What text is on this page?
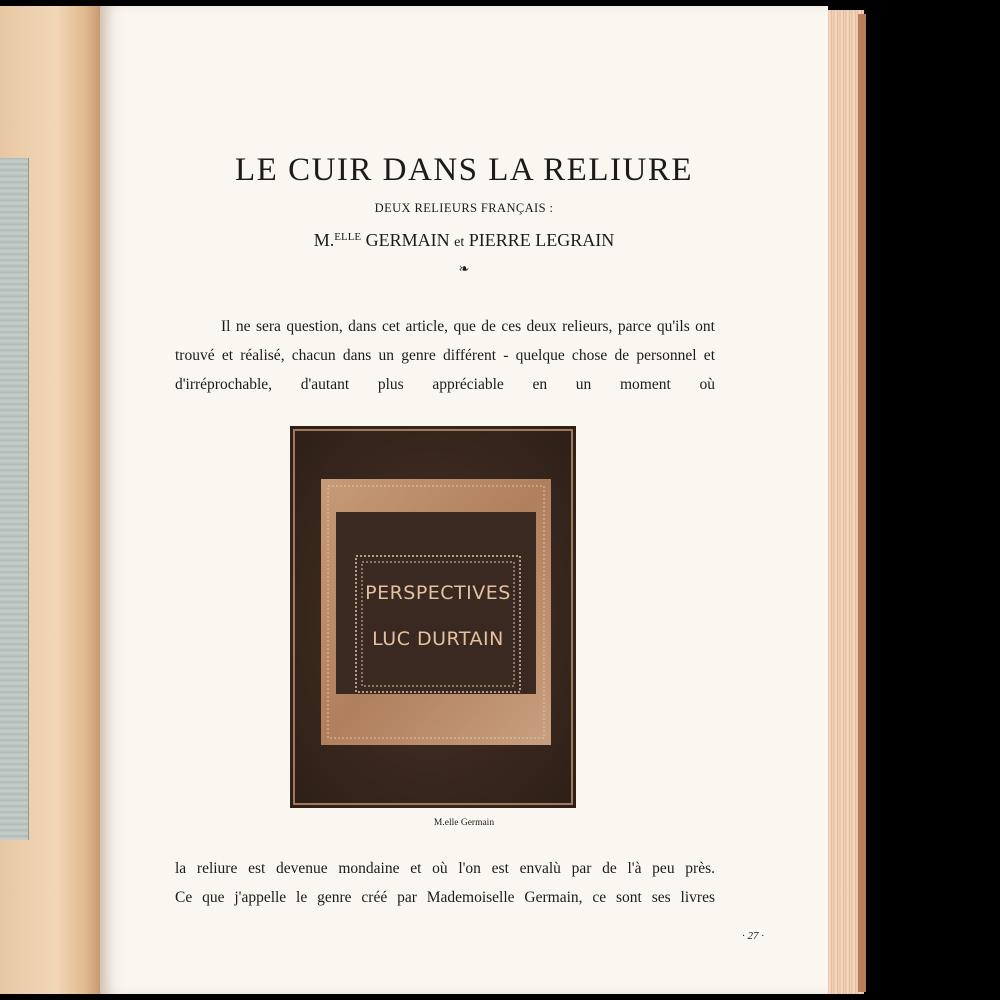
LE CUIR DANS LA RELIURE
DEUX RELIEURS FRANÇAIS :
M.$^{ELLE}$ GERMAIN et PIERRE LEGRAIN
❧

Il ne sera question, dans cet article, que de ces deux relieurs, parce qu'ils ont trouvé et réalisé, chacun dans un genre différent - quelque chose de personnel et d'irréprochable, d'autant plus appréciable en un moment où

PERSPECTIVES
LUC DURTAIN
M.elle Germain

la reliure est devenue mondaine et où l'on est envalù par de l'à peu près.
Ce que j'appelle le genre créé par Mademoiselle Germain, ce sont ses livres

· 27 ·
